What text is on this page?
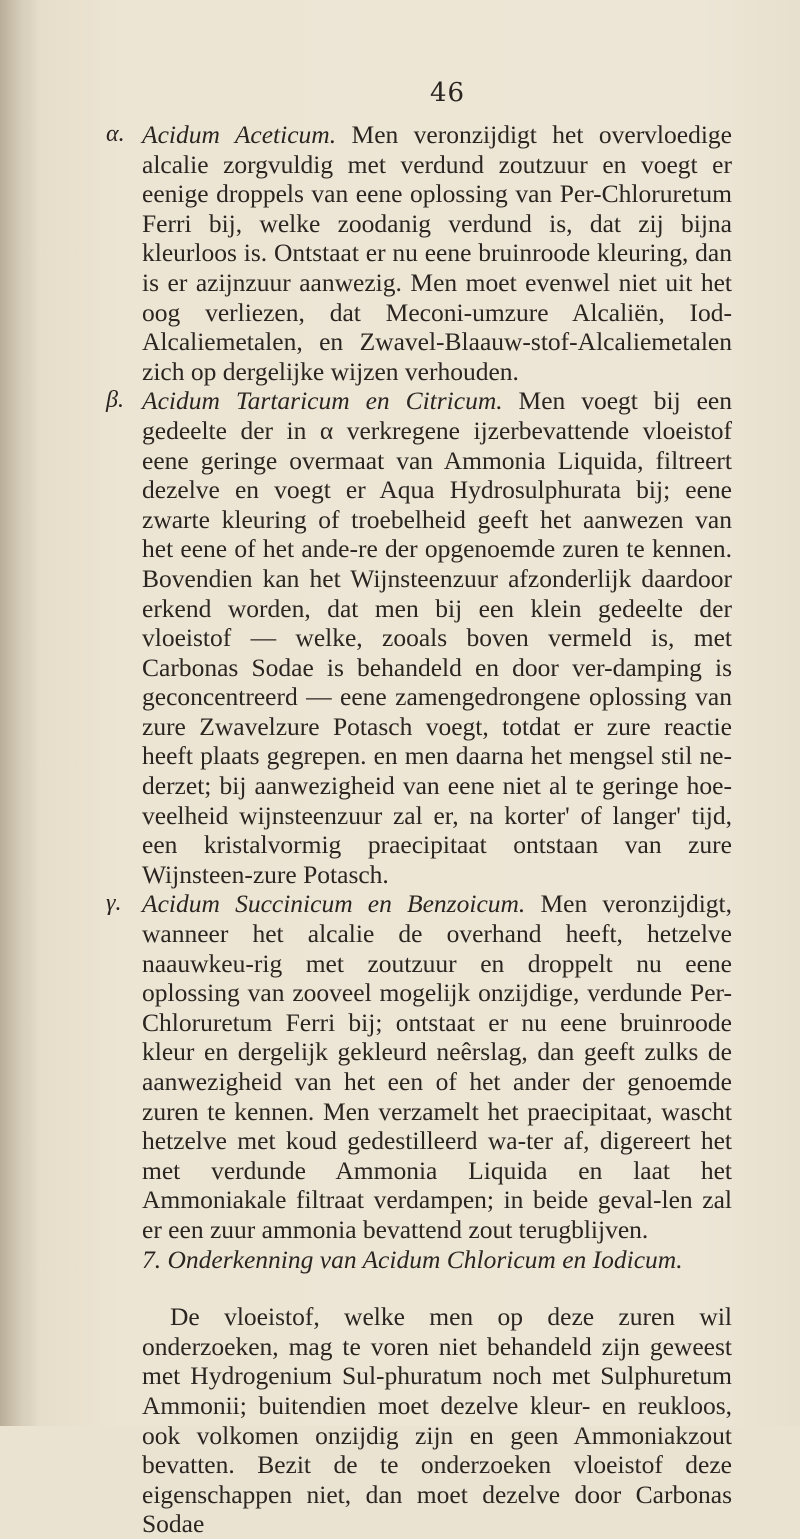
46

α. Acidum Aceticum. Men veronzijdigt het overvloedige alcalie zorgvuldig met verdund zoutzuur en voegt er eenige droppels van eene oplossing van Per-Chloruretum Ferri bij, welke zoodanig verdund is, dat zij bijna kleurloos is. Ontstaat er nu eene bruinroode kleuring, dan is er azijnzuur aanwezig. Men moet evenwel niet uit het oog verliezen, dat Meconi-umzure Alcaliën, Iod-Alcaliemetalen, en Zwavel-Blaauw-stof-Alcaliemetalen zich op dergelijke wijzen verhouden.

β. Acidum Tartaricum en Citricum. Men voegt bij een gedeelte der in α verkregene ijzerbevattende vloeistof eene geringe overmaat van Ammonia Liquida, filtreert dezelve en voegt er Aqua Hydrosulphurata bij; eene zwarte kleuring of troebelheid geeft het aanwezen van het eene of het ande-re der opgenoemde zuren te kennen. Bovendien kan het Wijnsteenzuur afzonderlijk daardoor erkend worden, dat men bij een klein gedeelte der vloeistof — welke, zooals boven vermeld is, met Carbonas Sodae is behandeld en door ver-damping is geconcentreerd — eene zamengedrongene oplossing van zure Zwavelzure Potasch voegt, totdat er zure reactie heeft plaats gegrepen. en men daarna het mengsel stil ne-derzet; bij aanwezigheid van eene niet al te geringe hoe-veelheid wijnsteenzuur zal er, na korter' of langer' tijd, een kristalvormig praecipitaat ontstaan van zure Wijnsteen-zure Potasch.

γ. Acidum Succinicum en Benzoicum. Men veronzijdigt, wanneer het alcalie de overhand heeft, hetzelve naauwkeu-rig met zoutzuur en droppelt nu eene oplossing van zooveel mogelijk onzijdige, verdunde Per-Chloruretum Ferri bij; ontstaat er nu eene bruinroode kleur en dergelijk gekleurd neêrslag, dan geeft zulks de aanwezigheid van het een of het ander der genoemde zuren te kennen. Men verzamelt het praecipitaat, wascht hetzelve met koud gedestilleerd wa-ter af, digereert het met verdunde Ammonia Liquida en laat het Ammoniakale filtraat verdampen; in beide geval-len zal er een zuur ammonia bevattend zout terugblijven.

7. Onderkenning van Acidum Chloricum en Iodicum.

De vloeistof, welke men op deze zuren wil onderzoeken, mag te voren niet behandeld zijn geweest met Hydrogenium Sul-phuratum noch met Sulphuretum Ammonii; buitendien moet dezelve kleur- en reukloos, ook volkomen onzijdig zijn en geen Ammoniakzout bevatten. Bezit de te onderzoeken vloeistof deze eigenschappen niet, dan moet dezelve door Carbonas Sodae
